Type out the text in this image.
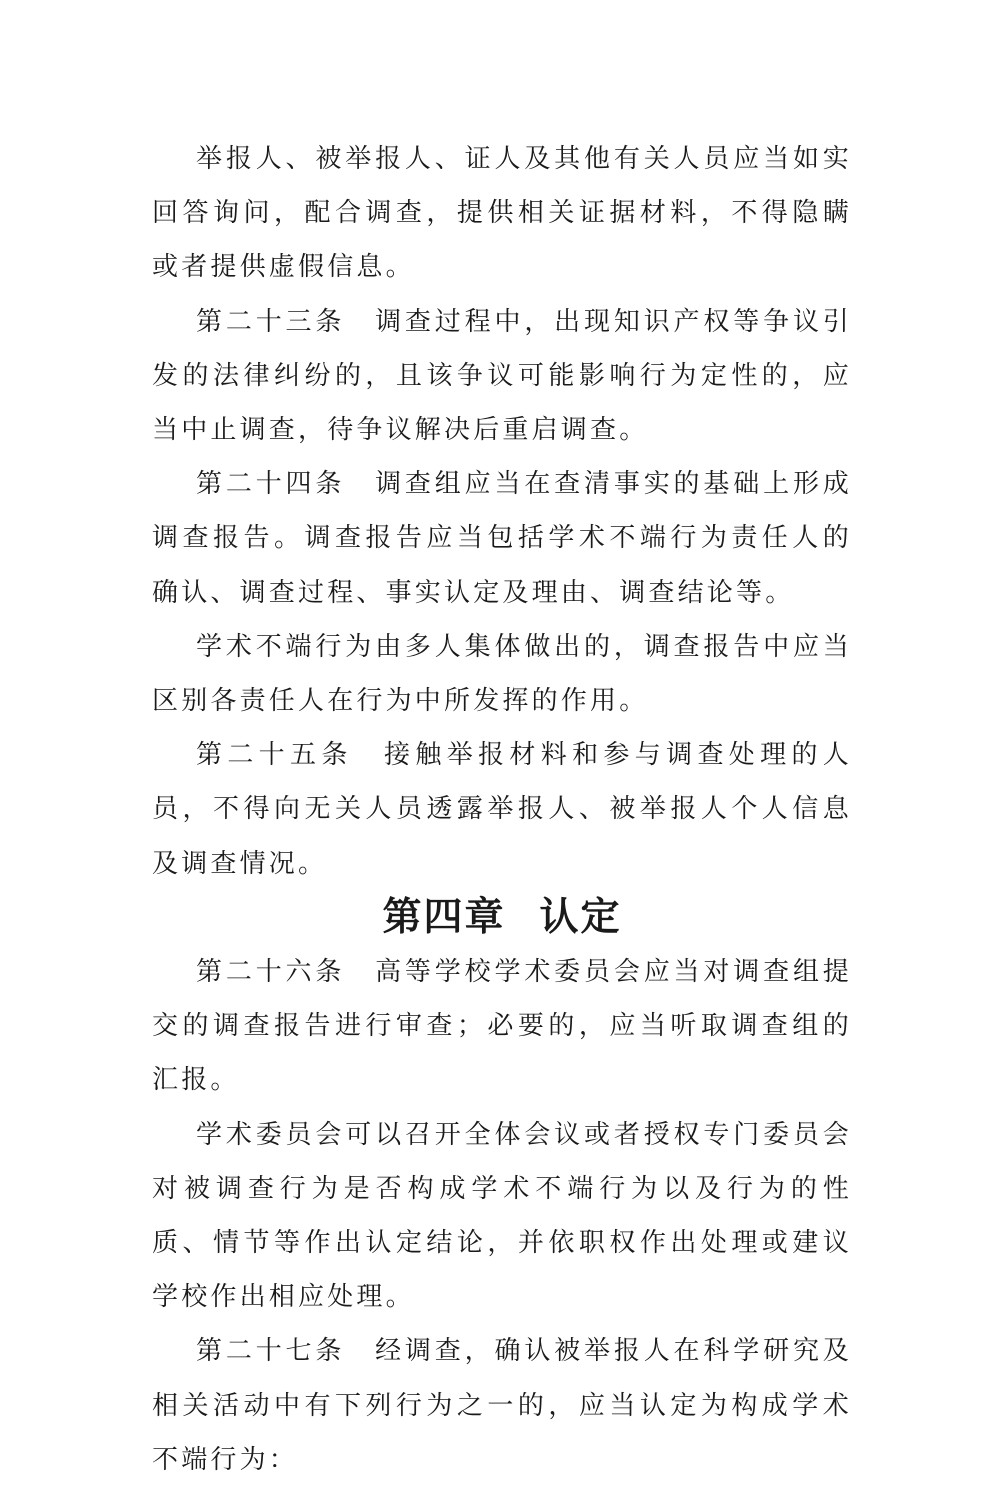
举报人、被举报人、证人及其他有关人员应当如实回答询问，配合调查，提供相关证据材料，不得隐瞒或者提供虚假信息。

第二十三条　调查过程中，出现知识产权等争议引发的法律纠纷的，且该争议可能影响行为定性的，应当中止调查，待争议解决后重启调查。

第二十四条　调查组应当在查清事实的基础上形成调查报告。调查报告应当包括学术不端行为责任人的确认、调查过程、事实认定及理由、调查结论等。

学术不端行为由多人集体做出的，调查报告中应当区别各责任人在行为中所发挥的作用。

第二十五条　接触举报材料和参与调查处理的人员，不得向无关人员透露举报人、被举报人个人信息及调查情况。

第四章 认定

第二十六条　高等学校学术委员会应当对调查组提交的调查报告进行审查；必要的，应当听取调查组的汇报。

学术委员会可以召开全体会议或者授权专门委员会对被调查行为是否构成学术不端行为以及行为的性质、情节等作出认定结论，并依职权作出处理或建议学校作出相应处理。

第二十七条　经调查，确认被举报人在科学研究及相关活动中有下列行为之一的，应当认定为构成学术不端行为：
